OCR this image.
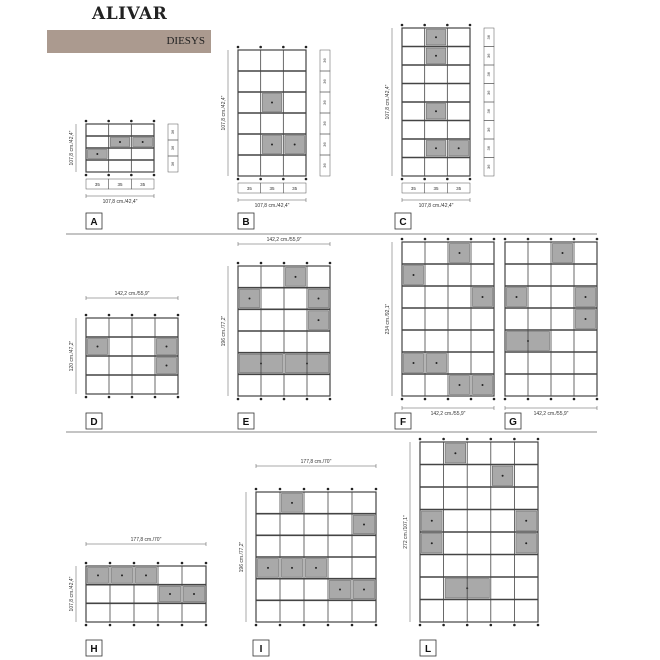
ALIVAR
DIESYS
A
107,8 cm./42,4"
107,8 cm./42,4"
35	35	35
36
36
36
B
107,8 cm./42,4"
107,8 cm./42,4"
35	35	35
36
36
36
36
36
36
C
107,8 cm./42,4"
107,8 cm./42,4"
35	35	35
36
36
36
36
36
36
36
36
D
142,2 cm./55,9"
120 cm./47,2"
E
142,2 cm./55,9"
196 cm./77,2"
F
142,2 cm./55,9"
234 cm./92,1"
G
142,2 cm./55,9"
H
177,8 cm./70"
107,8 cm./42,4"
I
177,8 cm./70"
196 cm./77,2"
L
272 cm./107,1"
